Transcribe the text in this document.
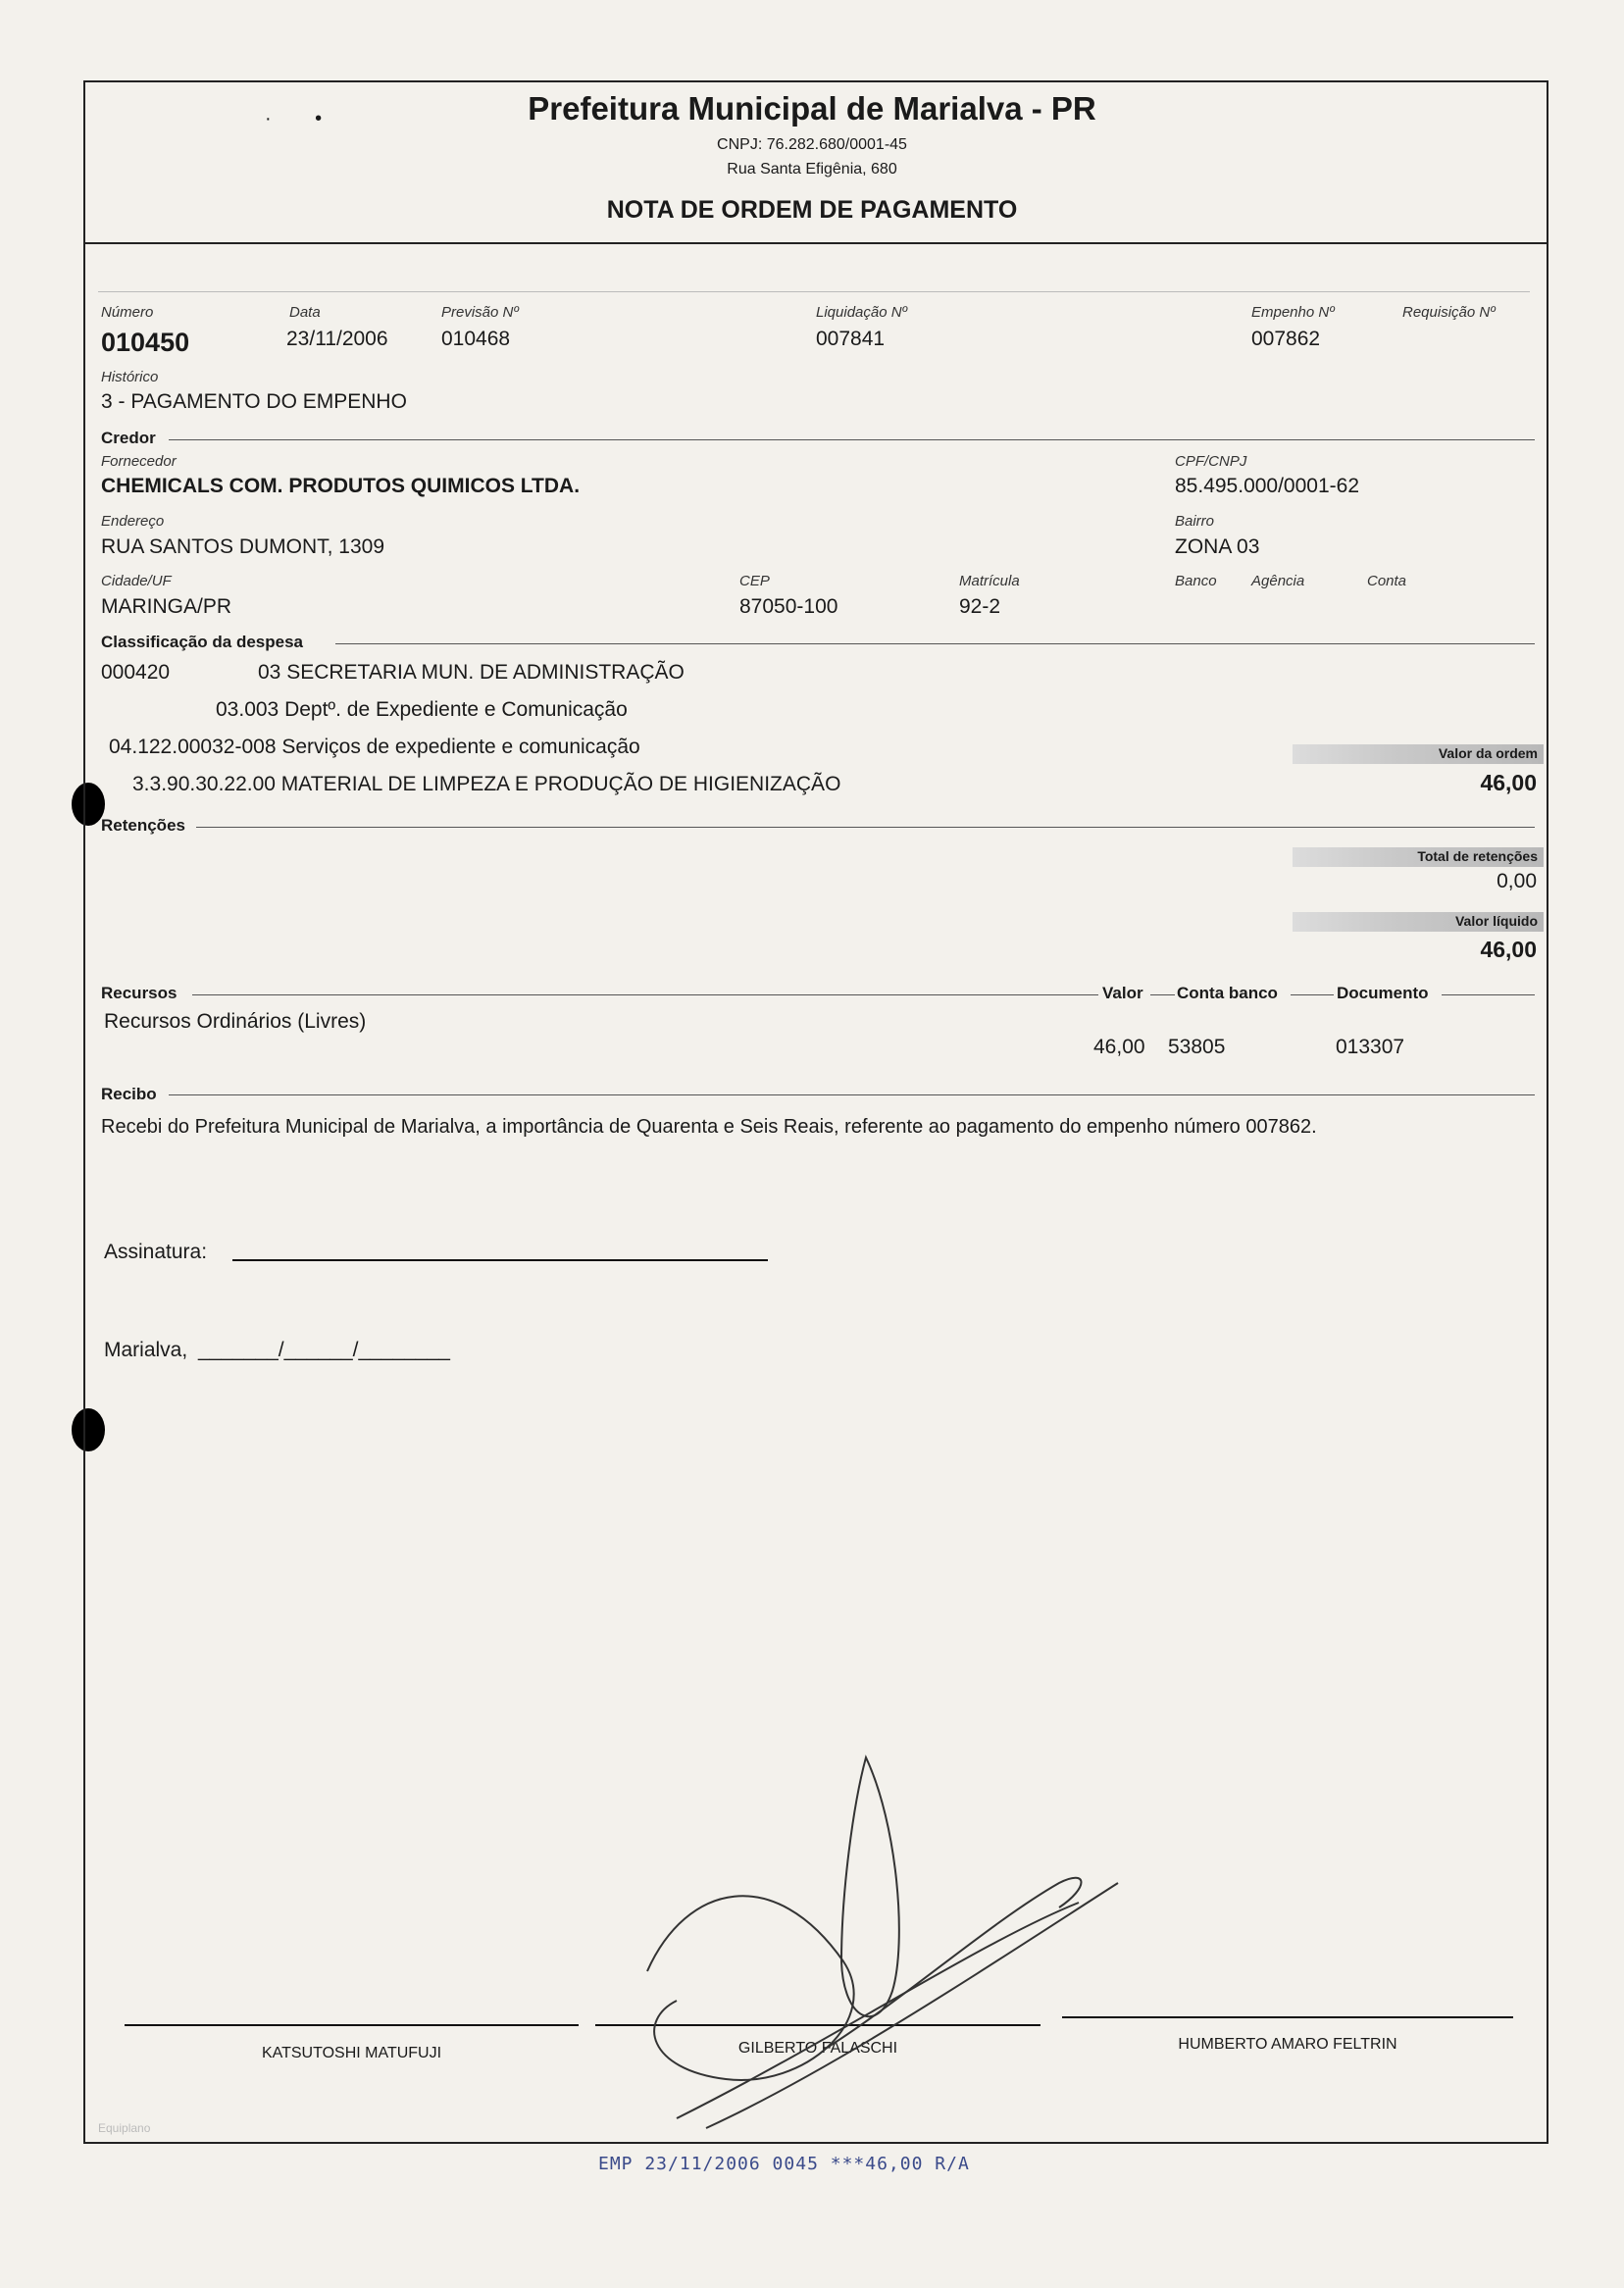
·        •	Prefeitura Municipal de Marialva - PR
CNPJ: 76.282.680/0001-45
Rua Santa Efigênia, 680
NOTA DE ORDEM DE PAGAMENTO
Número
010450
Data
23/11/2006
Previsão Nº
010468
Liquidação Nº
007841
Empenho Nº
007862
Requisição Nº
Histórico
3 - PAGAMENTO DO EMPENHO
Credor
Fornecedor
CHEMICALS COM. PRODUTOS QUIMICOS LTDA.
CPF/CNPJ
85.495.000/0001-62
Endereço
RUA SANTOS DUMONT, 1309
Bairro
ZONA 03
Cidade/UF
MARINGA/PR
CEP
87050-100
Matrícula
92-2
Banco Agência	Conta
Classificação da despesa
000420	03 SECRETARIA MUN. DE ADMINISTRAÇÃO
03.003 Deptº. de Expediente e Comunicação
04.122.00032-008 Serviços de expediente e comunicação
3.3.90.30.22.00 MATERIAL DE LIMPEZA E PRODUÇÃO DE HIGIENIZAÇÃO
Valor da ordem
46,00
Retenções
Total de retenções
0,00
Valor líquido
46,00
Recursos	Valor Conta banco	Documento
Recursos Ordinários (Livres)
46,00 53805	013307
Recibo
Recebi do Prefeitura Municipal de Marialva, a importância de Quarenta e Seis Reais, referente ao pagamento do empenho número 007862.
Assinatura:
Marialva, _______/______/________
KATSUTOSHI MATUFUJI	GILBERTO FALASCHI	HUMBERTO AMARO FELTRIN
Equiplano
EMP 23/11/2006 0045 ***46,00 R/A
